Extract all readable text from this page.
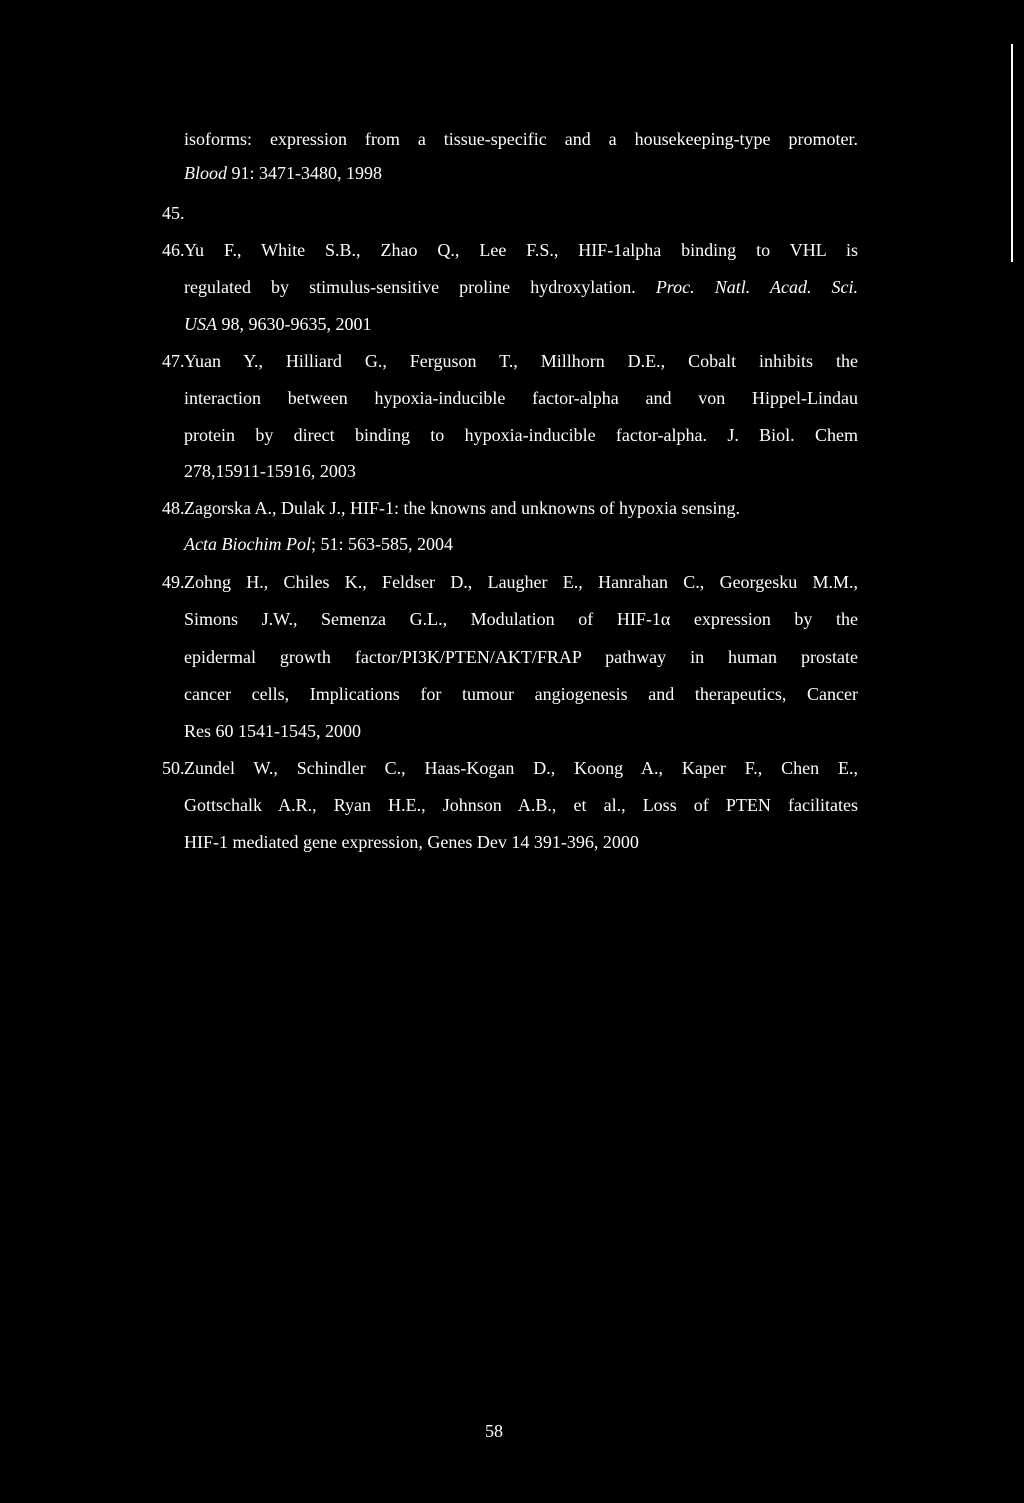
isoforms: expression from a tissue-specific and a housekeeping-type promoter.
Blood 91: 3471-3480, 1998
45.
46.Yu F., White S.B., Zhao Q., Lee F.S., HIF-1alpha binding to VHL is
regulated by stimulus-sensitive proline hydroxylation. Proc. Natl. Acad. Sci.
USA 98, 9630-9635, 2001
47.Yuan Y., Hilliard G., Ferguson T., Millhorn D.E., Cobalt inhibits the
interaction between hypoxia-inducible factor-alpha and von Hippel-Lindau
protein by direct binding to hypoxia-inducible factor-alpha. J. Biol. Chem
278,15911-15916, 2003
48.Zagorska A., Dulak J., HIF-1: the knowns and unknowns of hypoxia sensing.
Acta Biochim Pol; 51: 563-585, 2004
49.Zohng H., Chiles K., Feldser D., Laugher E., Hanrahan C., Georgesku M.M.,
Simons J.W., Semenza G.L., Modulation of HIF-1α expression by the
epidermal growth factor/PI3K/PTEN/AKT/FRAP pathway in human prostate
cancer cells, Implications for tumour angiogenesis and therapeutics, Cancer
Res 60 1541-1545, 2000
50.Zundel W., Schindler C., Haas-Kogan D., Koong A., Kaper F., Chen E.,
Gottschalk A.R., Ryan H.E., Johnson A.B., et al., Loss of PTEN facilitates
HIF-1 mediated gene expression, Genes Dev 14 391-396, 2000
58
